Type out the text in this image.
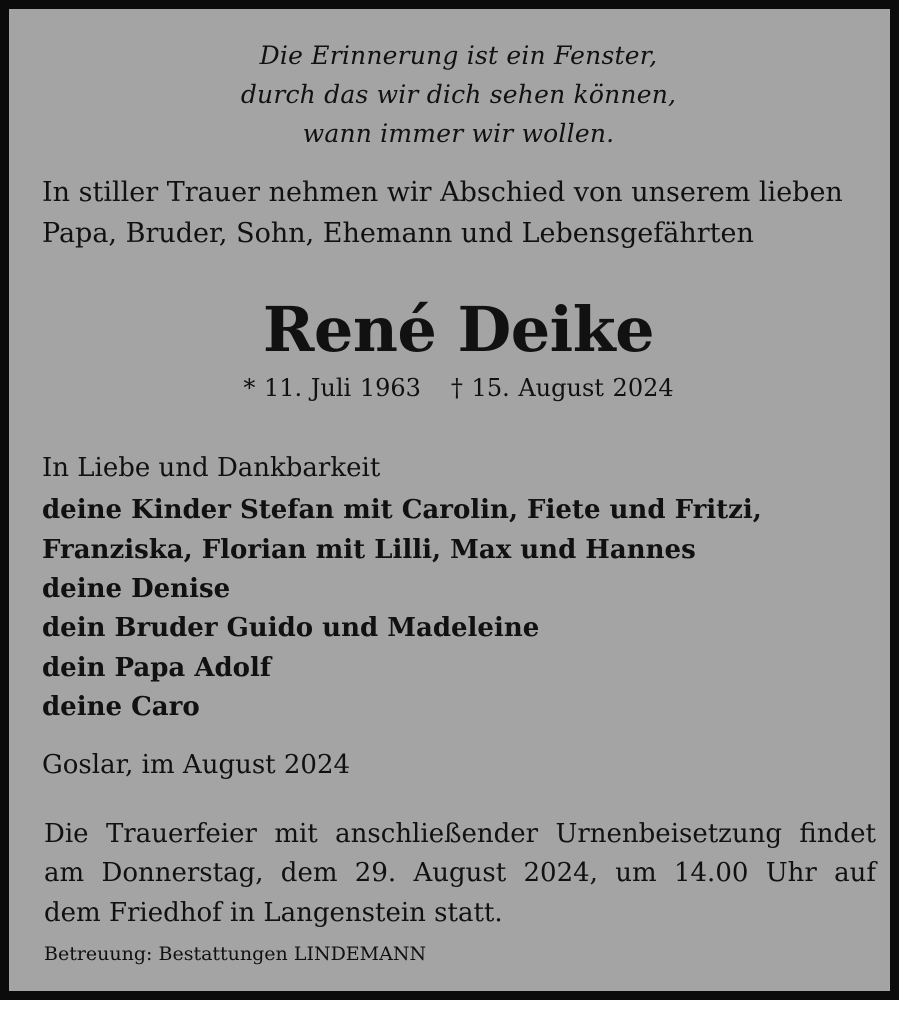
Die Erinnerung ist ein Fenster,
durch das wir dich sehen können,
wann immer wir wollen.
In stiller Trauer nehmen wir Abschied von unserem lieben
Papa, Bruder, Sohn, Ehemann und Lebensgefährten
René Deike
* 11. Juli 1963 † 15. August 2024
In Liebe und Dankbarkeit
deine Kinder Stefan mit Carolin, Fiete und Fritzi,
Franziska, Florian mit Lilli, Max und Hannes
deine Denise
dein Bruder Guido und Madeleine
dein Papa Adolf
deine Caro
Goslar, im August 2024
Die Trauerfeier mit anschließender Urnenbeisetzung findet
am Donnerstag, dem 29. August 2024, um 14.00 Uhr auf
dem Friedhof in Langenstein statt.
Betreuung: Bestattungen LINDEMANN
